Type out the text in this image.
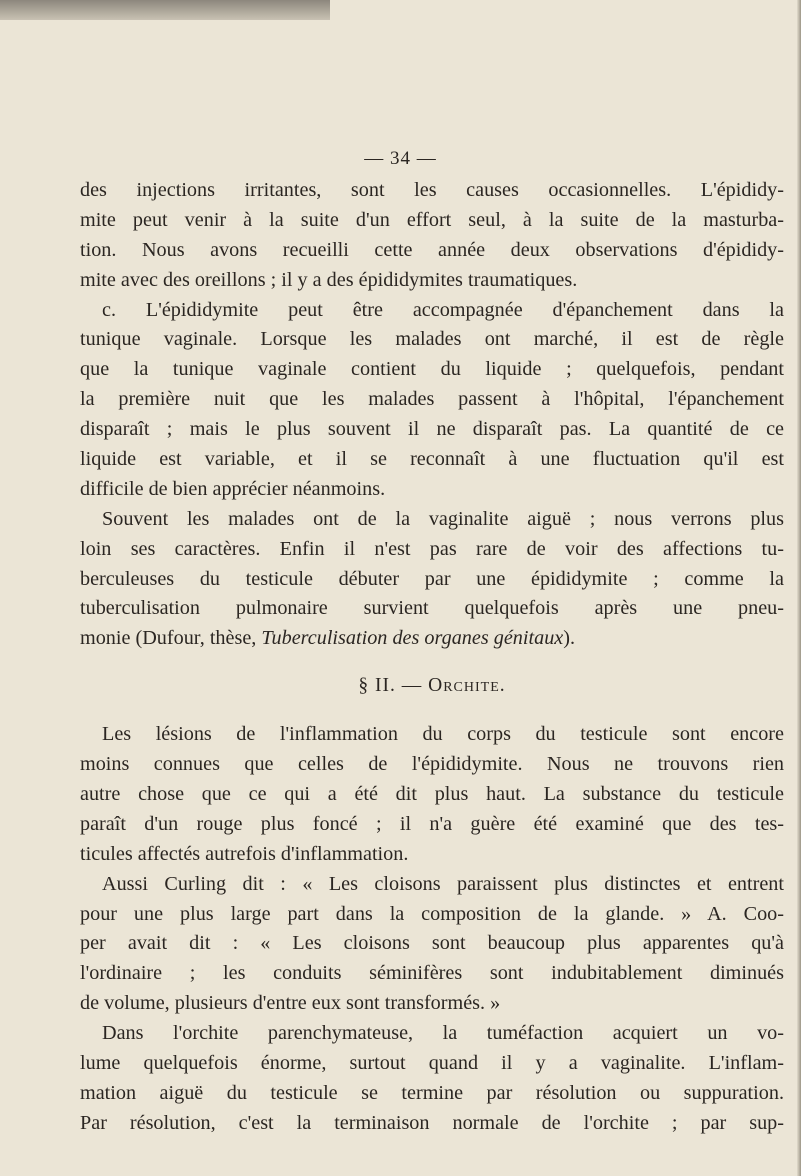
— 34 —
des injections irritantes, sont les causes occasionnelles. L'épididy-
mite peut venir à la suite d'un effort seul, à la suite de la masturba-
tion. Nous avons recueilli cette année deux observations d'épididy-
mite avec des oreillons ; il y a des épididymites traumatiques.
c. L'épididymite peut être accompagnée d'épanchement dans la
tunique vaginale. Lorsque les malades ont marché, il est de règle
que la tunique vaginale contient du liquide ; quelquefois, pendant
la première nuit que les malades passent à l'hôpital, l'épanchement
disparaît ; mais le plus souvent il ne disparaît pas. La quantité de ce
liquide est variable, et il se reconnaît à une fluctuation qu'il est
difficile de bien apprécier néanmoins.
Souvent les malades ont de la vaginalite aiguë ; nous verrons plus
loin ses caractères. Enfin il n'est pas rare de voir des affections tu-
berculeuses du testicule débuter par une épididymite ; comme la
tuberculisation pulmonaire survient quelquefois après une pneu-
monie (Dufour, thèse, Tuberculisation des organes génitaux).
§ II. — Orchite.
Les lésions de l'inflammation du corps du testicule sont encore
moins connues que celles de l'épididymite. Nous ne trouvons rien
autre chose que ce qui a été dit plus haut. La substance du testicule
paraît d'un rouge plus foncé ; il n'a guère été examiné que des tes-
ticules affectés autrefois d'inflammation.
Aussi Curling dit : « Les cloisons paraissent plus distinctes et entrent
pour une plus large part dans la composition de la glande. » A. Coo-
per avait dit : « Les cloisons sont beaucoup plus apparentes qu'à
l'ordinaire ; les conduits séminifères sont indubitablement diminués
de volume, plusieurs d'entre eux sont transformés. »
Dans l'orchite parenchymateuse, la tuméfaction acquiert un vo-
lume quelquefois énorme, surtout quand il y a vaginalite. L'inflam-
mation aiguë du testicule se termine par résolution ou suppuration.
Par résolution, c'est la terminaison normale de l'orchite ; par sup-
